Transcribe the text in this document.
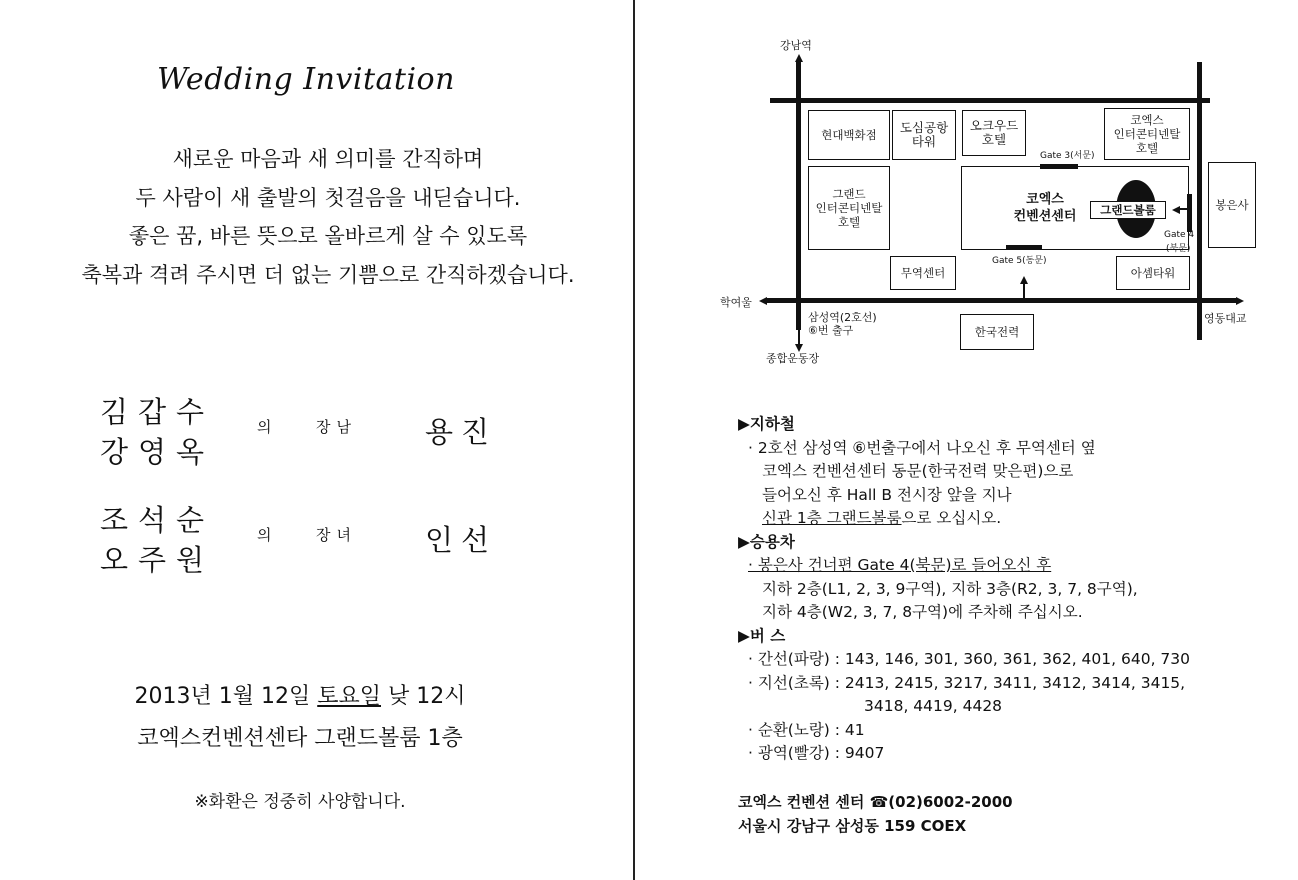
Wedding Invitation
새로운 마음과 새 의미를 간직하며
두 사람이 새 출발의 첫걸음을 내딛습니다.
좋은 꿈, 바른 뜻으로 올바르게 살 수 있도록
축복과 격려 주시면 더 없는 기쁨으로 간직하겠습니다.
김갑수
강영옥
의	장남 용진
조석순
오주원
의	장녀 인선
2013년 1월 12일 토요일 낮 12시
코엑스컨벤션센타 그랜드볼룸 1층
※화환은 정중히 사양합니다.
강남역
학여울
영동대교
종합운동장
삼성역(2호선)
⑥번 출구
현대백화점	도심공항
타워
오크우드
호텔
코엑스
인터콘티넨탈
호텔
그랜드
인터콘티넨탈
호텔
코엑스
컨벤션센터	그랜드볼룸	봉은사
무역센터	아셈타워
한국전력
Gate 3(서문)
Gate 5(동문)
Gate 4
(북문)
▶지하철
· 2호선 삼성역 ⑥번출구에서 나오신 후 무역센터 옆
코엑스 컨벤션센터 동문(한국전력 맞은편)으로
들어오신 후 Hall B 전시장 앞을 지나
신관 1층 그랜드볼룸으로 오십시오.
▶승용차
· 봉은사 건너편 Gate 4(북문)로 들어오신 후
지하 2층(L1, 2, 3, 9구역), 지하 3층(R2, 3, 7, 8구역),
지하 4층(W2, 3, 7, 8구역)에 주차해 주십시오.
▶버 스
· 간선(파랑) : 143, 146, 301, 360, 361, 362, 401, 640, 730
· 지선(초록) : 2413, 2415, 3217, 3411, 3412, 3414, 3415,
3418, 4419, 4428
· 순환(노랑) : 41
· 광역(빨강) : 9407
코엑스 컨벤션 센터 ☎(02)6002-2000
서울시 강남구 삼성동 159 COEX
